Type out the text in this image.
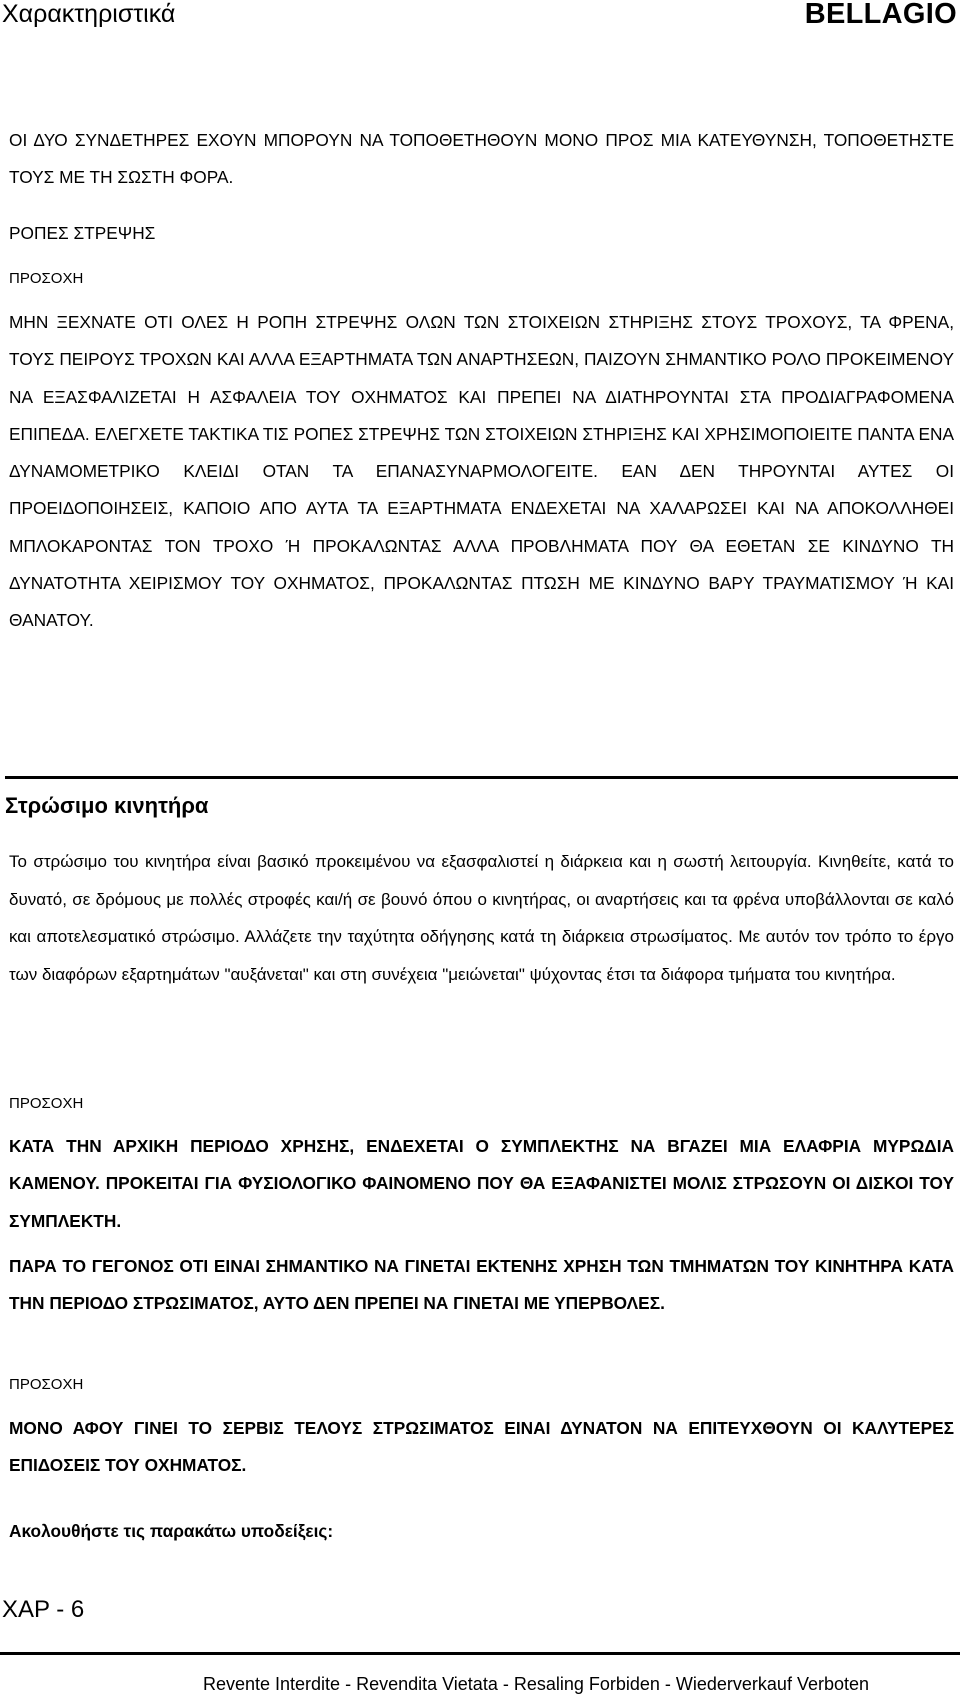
Χαρακτηριστικά	BELLAGIO
ΟΙ ΔΥΟ ΣΥΝΔΕΤΗΡΕΣ ΕΧΟΥΝ ΜΠΟΡΟΥΝ ΝΑ ΤΟΠΟΘΕΤΗΘΟΥΝ ΜΟΝΟ ΠΡΟΣ ΜΙΑ ΚΑΤΕΥΘΥΝΣΗ, ΤΟΠΟΘΕΤΗΣΤΕ ΤΟΥΣ ΜΕ ΤΗ ΣΩΣΤΗ ΦΟΡΑ.
ΡΟΠΕΣ ΣΤΡΕΨΗΣ
ΠΡΟΣΟΧΗ
ΜΗΝ ΞΕΧΝΑΤΕ ΟΤΙ ΟΛΕΣ Η ΡΟΠΗ ΣΤΡΕΨΗΣ ΟΛΩΝ ΤΩΝ ΣΤΟΙΧΕΙΩΝ ΣΤΗΡΙΞΗΣ ΣΤΟΥΣ ΤΡΟΧΟΥΣ, ΤΑ ΦΡΕΝΑ, ΤΟΥΣ ΠΕΙΡΟΥΣ ΤΡΟΧΩΝ ΚΑΙ ΑΛΛΑ ΕΞΑΡΤΗΜΑΤΑ ΤΩΝ ΑΝΑΡΤΗΣΕΩΝ, ΠΑΙΖΟΥΝ ΣΗΜΑΝΤΙΚΟ ΡΟΛΟ ΠΡΟΚΕΙΜΕΝΟΥ ΝΑ ΕΞΑΣΦΑΛΙΖΕΤΑΙ Η ΑΣΦΑΛΕΙΑ ΤΟΥ ΟΧΗΜΑΤΟΣ ΚΑΙ ΠΡΕΠΕΙ ΝΑ ΔΙΑΤΗΡΟΥΝΤΑΙ ΣΤΑ ΠΡΟΔΙΑΓΡΑΦΟΜΕΝΑ ΕΠΙΠΕΔΑ. ΕΛΕΓΧΕΤΕ ΤΑΚΤΙΚΑ ΤΙΣ ΡΟΠΕΣ ΣΤΡΕΨΗΣ ΤΩΝ ΣΤΟΙΧΕΙΩΝ ΣΤΗΡΙΞΗΣ ΚΑΙ ΧΡΗΣΙΜΟΠΟΙΕΙΤΕ ΠΑΝΤΑ ΕΝΑ ΔΥΝΑΜΟΜΕΤΡΙΚΟ ΚΛΕΙΔΙ ΟΤΑΝ ΤΑ ΕΠΑΝΑΣΥΝΑΡΜΟΛΟΓΕΙΤΕ. ΕΑΝ ΔΕΝ ΤΗΡΟΥΝΤΑΙ ΑΥΤΕΣ ΟΙ ΠΡΟΕΙΔΟΠΟΙΗΣΕΙΣ, ΚΑΠΟΙΟ ΑΠΟ ΑΥΤΑ ΤΑ ΕΞΑΡΤΗΜΑΤΑ ΕΝΔΕΧΕΤΑΙ ΝΑ ΧΑΛΑΡΩΣΕΙ ΚΑΙ ΝΑ ΑΠΟΚΟΛΛΗΘΕΙ ΜΠΛΟΚΑΡΟΝΤΑΣ ΤΟΝ ΤΡΟΧΟ Ή ΠΡΟΚΑΛΩΝΤΑΣ ΑΛΛΑ ΠΡΟΒΛΗΜΑΤΑ ΠΟΥ ΘΑ ΕΘΕΤΑΝ ΣΕ ΚΙΝΔΥΝΟ ΤΗ ΔΥΝΑΤΟΤΗΤΑ ΧΕΙΡΙΣΜΟΥ ΤΟΥ ΟΧΗΜΑΤΟΣ, ΠΡΟΚΑΛΩΝΤΑΣ ΠΤΩΣΗ ΜΕ ΚΙΝΔΥΝΟ ΒΑΡΥ ΤΡΑΥΜΑΤΙΣΜΟΥ Ή ΚΑΙ ΘΑΝΑΤΟΥ.
Στρώσιμο κινητήρα
Το στρώσιμο του κινητήρα είναι βασικό προκειμένου να εξασφαλιστεί η διάρκεια και η σωστή λειτουργία. Κινηθείτε, κατά το δυνατό, σε δρόμους με πολλές στροφές και/ή σε βουνό όπου ο κινητήρας, οι αναρτήσεις και τα φρένα υποβάλλονται σε καλό και αποτελεσματικό στρώσιμο. Αλλάζετε την ταχύτητα οδήγησης κατά τη διάρκεια στρωσίματος. Με αυτόν τον τρόπο το έργο των διαφόρων εξαρτημάτων "αυξάνεται" και στη συνέχεια "μειώνεται" ψύχοντας έτσι τα διάφορα τμήματα του κινητήρα.
ΠΡΟΣΟΧΗ
ΚΑΤΑ ΤΗΝ ΑΡΧΙΚΗ ΠΕΡΙΟΔΟ ΧΡΗΣΗΣ, ΕΝΔΕΧΕΤΑΙ Ο ΣΥΜΠΛΕΚΤΗΣ ΝΑ ΒΓΑΖΕΙ ΜΙΑ ΕΛΑΦΡΙΑ ΜΥΡΩΔΙΑ ΚΑΜΕΝΟΥ. ΠΡΟΚΕΙΤΑΙ ΓΙΑ ΦΥΣΙΟΛΟΓΙΚΟ ΦΑΙΝΟΜΕΝΟ ΠΟΥ ΘΑ ΕΞΑΦΑΝΙΣΤΕΙ ΜΟΛΙΣ ΣΤΡΩΣΟΥΝ ΟΙ ΔΙΣΚΟΙ ΤΟΥ ΣΥΜΠΛΕΚΤΗ.
ΠΑΡΑ ΤΟ ΓΕΓΟΝΟΣ ΟΤΙ ΕΙΝΑΙ ΣΗΜΑΝΤΙΚΟ ΝΑ ΓΙΝΕΤΑΙ ΕΚΤΕΝΗΣ ΧΡΗΣΗ ΤΩΝ ΤΜΗΜΑΤΩΝ ΤΟΥ ΚΙΝΗΤΗΡΑ ΚΑΤΑ ΤΗΝ ΠΕΡΙΟΔΟ ΣΤΡΩΣΙΜΑΤΟΣ, ΑΥΤΟ ΔΕΝ ΠΡΕΠΕΙ ΝΑ ΓΙΝΕΤΑΙ ΜΕ ΥΠΕΡΒΟΛΕΣ.
ΠΡΟΣΟΧΗ
ΜΟΝΟ ΑΦΟΥ ΓΙΝΕΙ ΤΟ ΣΕΡΒΙΣ ΤΕΛΟΥΣ ΣΤΡΩΣΙΜΑΤΟΣ ΕΙΝΑΙ ΔΥΝΑΤΟΝ ΝΑ ΕΠΙΤΕΥΧΘΟΥΝ ΟΙ ΚΑΛΥΤΕΡΕΣ ΕΠΙΔΟΣΕΙΣ ΤΟΥ ΟΧΗΜΑΤΟΣ.
Ακολουθήστε τις παρακάτω υποδείξεις:
ΧΑΡ - 6
Revente Interdite - Revendita Vietata - Resaling Forbiden - Wiederverkauf Verboten
